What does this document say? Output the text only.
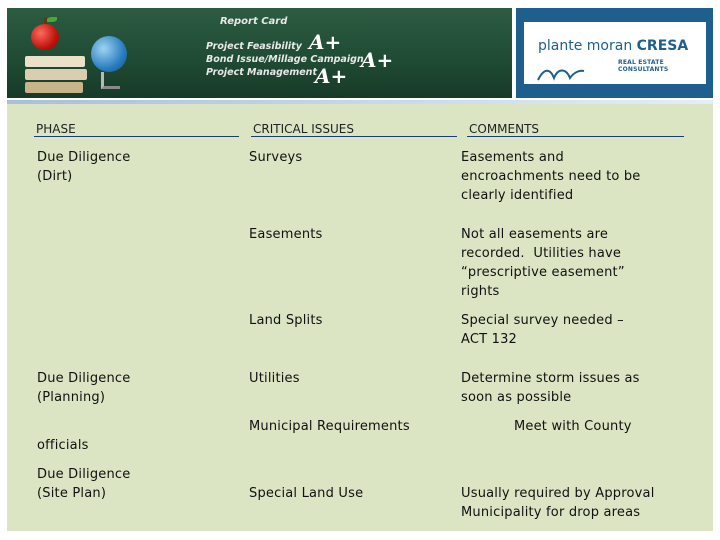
Report Card
Project Feasibility
Bond Issue/Millage Campaign
Project Management
A+
A+
A+
plante moran CRESA
REAL ESTATE CONSULTANTS
PHASE	CRITICAL ISSUES	COMMENTS
Due Diligence
(Dirt)
Due Diligence
(Planning)
officials
Due Diligence
(Site Plan)
Surveys
Easements
Land Splits
Utilities
Municipal Requirements
Special Land Use
Easements and
encroachments need to be
clearly identified
Not all easements are
recorded.  Utilities have
“prescriptive easement”
rights
Special survey needed –
ACT 132
Determine storm issues as
soon as possible
Meet with County
Usually required by Approval
Municipality for drop areas
